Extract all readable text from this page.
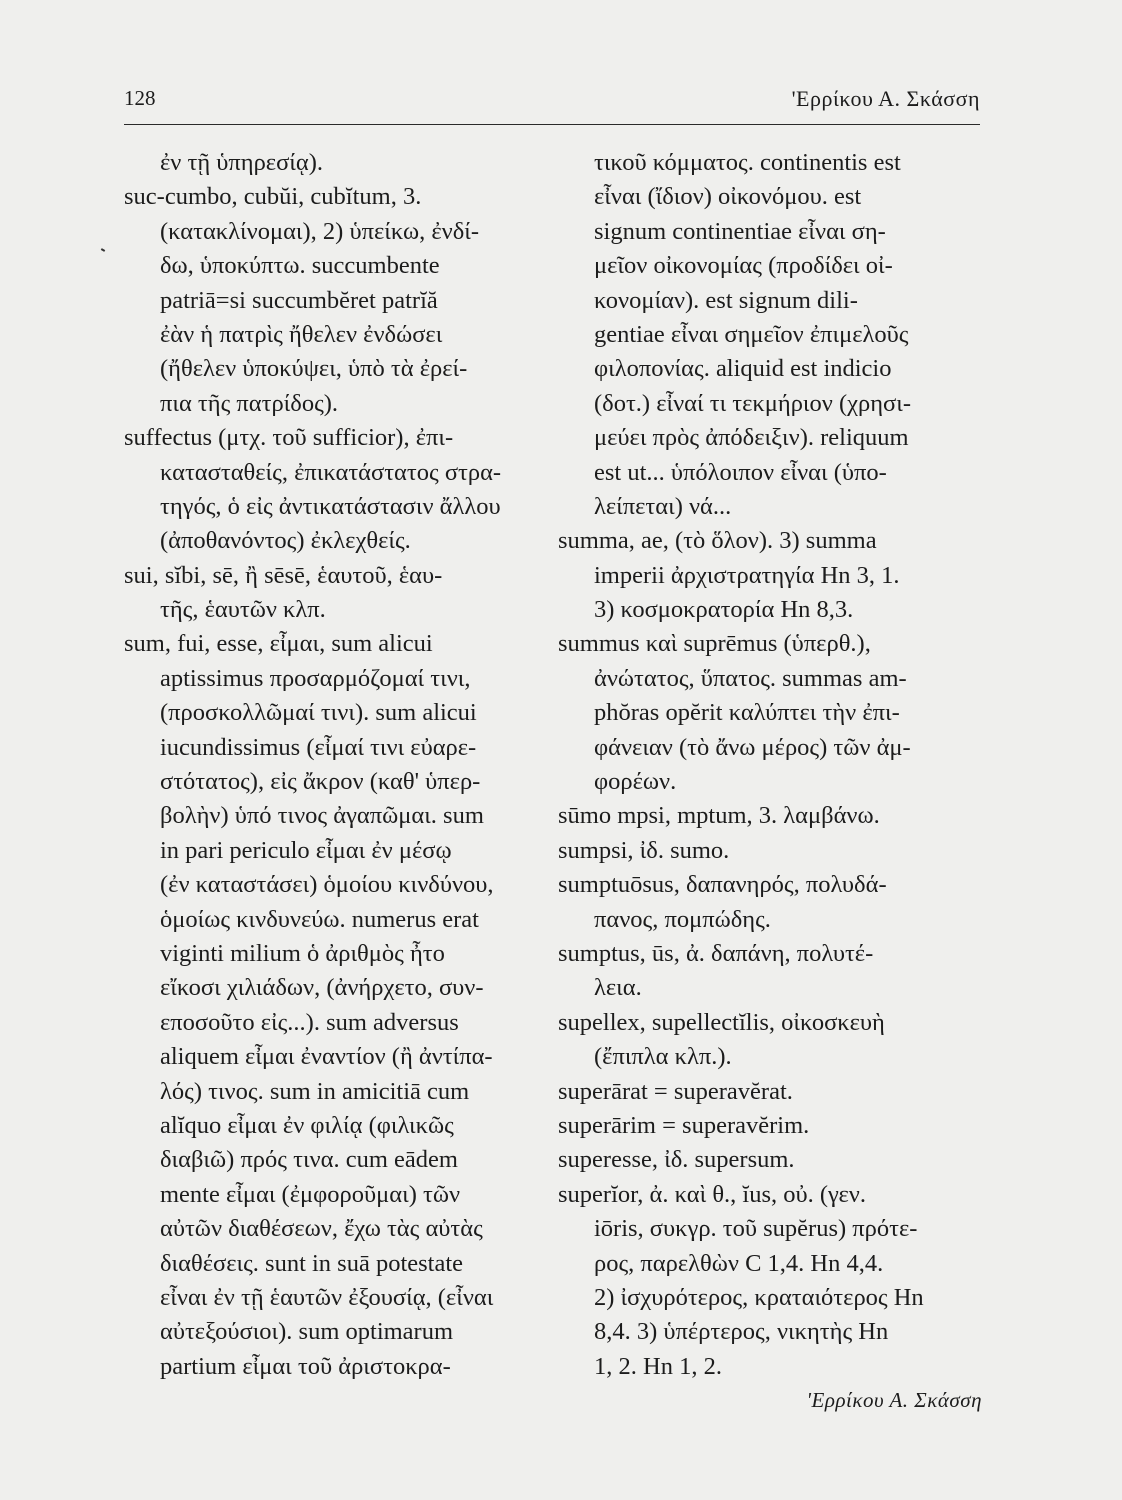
128	'Ερρίκου Α. Σκάσση
ἐν τῇ ὑπηρεσίᾳ).
suc-cumbo, cubŭi, cubĭtum, 3.
(κατακλίνομαι), 2) ὑπείκω, ἐνδί-
δω, ὑποκύπτω. succumbente
patriā=si succumbĕret patrĭă
ἐὰν ἡ πατρὶς ἤθελεν ἐνδώσει
(ἤθελεν ὑποκύψει, ὑπὸ τὰ ἐρεί-
πια τῆς πατρίδος).
suffectus (μτχ. τοῦ sufficior), ἐπι-
κατασταθείς, ἐπικατάστατος στρα-
τηγός, ὁ εἰς ἀντικατάστασιν ἄλλου
(ἀποθανόντος) ἐκλεχθείς.
sui, sĭbi, sē, ἢ sēsē, ἑαυτοῦ, ἑαυ-
τῆς, ἑαυτῶν κλπ.
sum, fui, esse, εἶμαι, sum alicui
aptissimus προσαρμόζομαί τινι,
(προσκολλῶμαί τινι). sum alicui
iucundissimus (εἶμαί τινι εὐαρε-
στότατος), εἰς ἄκρον (καθ' ὑπερ-
βολὴν) ὑπό τινος ἀγαπῶμαι. sum
in pari periculo εἶμαι ἐν μέσῳ
(ἐν καταστάσει) ὁμοίου κινδύνου,
ὁμοίως κινδυνεύω. numerus erat
viginti milium ὁ ἀριθμὸς ἦτο
εἴκοσι χιλιάδων, (ἀνήρχετο, συν-
εποσοῦτο εἰς...). sum adversus
aliquem εἶμαι ἐναντίον (ἢ ἀντίπα-
λός) τινος. sum in amicitiā cum
alĭquo εἶμαι ἐν φιλίᾳ (φιλικῶς
διαβιῶ) πρός τινα. cum eādem
mente εἶμαι (ἐμφοροῦμαι) τῶν
αὐτῶν διαθέσεων, ἔχω τὰς αὐτὰς
διαθέσεις. sunt in suā potestate
εἶναι ἐν τῇ ἑαυτῶν ἐξουσίᾳ, (εἶναι
αὐτεξούσιοι). sum optimarum
partium εἶμαι τοῦ ἀριστοκρα-
τικοῦ κόμματος. continentis est
εἶναι (ἴδιον) οἰκονόμου. est
signum continentiae εἶναι ση-
μεῖον οἰκονομίας (προδίδει οἰ-
κονομίαν). est signum dili-
gentiae εἶναι σημεῖον ἐπιμελοῦς
φιλοπονίας. aliquid est indicio
(δοτ.) εἶναί τι τεκμήριον (χρησι-
μεύει πρὸς ἀπόδειξιν). reliquum
est ut... ὑπόλοιπον εἶναι (ὑπο-
λείπεται) νά...
summa, ae, (τὸ ὅλον). 3) summa
imperii ἀρχιστρατηγία Hn 3, 1.
3) κοσμοκρατορία Hn 8,3.
summus καὶ suprēmus (ὑπερθ.),
ἀνώτατος, ὕπατος. summas am-
phŏras opĕrit καλύπτει τὴν ἐπι-
φάνειαν (τὸ ἄνω μέρος) τῶν ἀμ-
φορέων.
sūmo mpsi, mptum, 3. λαμβάνω.
sumpsi, ἰδ. sumo.
sumptuōsus, δαπανηρός, πολυδά-
πανος, πομπώδης.
sumptus, ūs, ἀ. δαπάνη, πολυτέ-
λεια.
supellex, supellectĭlis, οἰκοσκευὴ
(ἔπιπλα κλπ.).
superārat = superavĕrat.
superārim = superavĕrim.
superesse, ἰδ. supersum.
superĭor, ἀ. καὶ θ., ĭus, οὐ. (γεν.
iōris, συκγρ. τοῦ supĕrus) πρότε-
ρος, παρελθὼν C 1,4. Hn 4,4.
2) ἰσχυρότερος, κραταιότερος Hn
8,4. 3) ὑπέρτερος, νικητὴς Hn
1, 2. Hn 1, 2.
'Ερρίκου Α. Σκάσση
